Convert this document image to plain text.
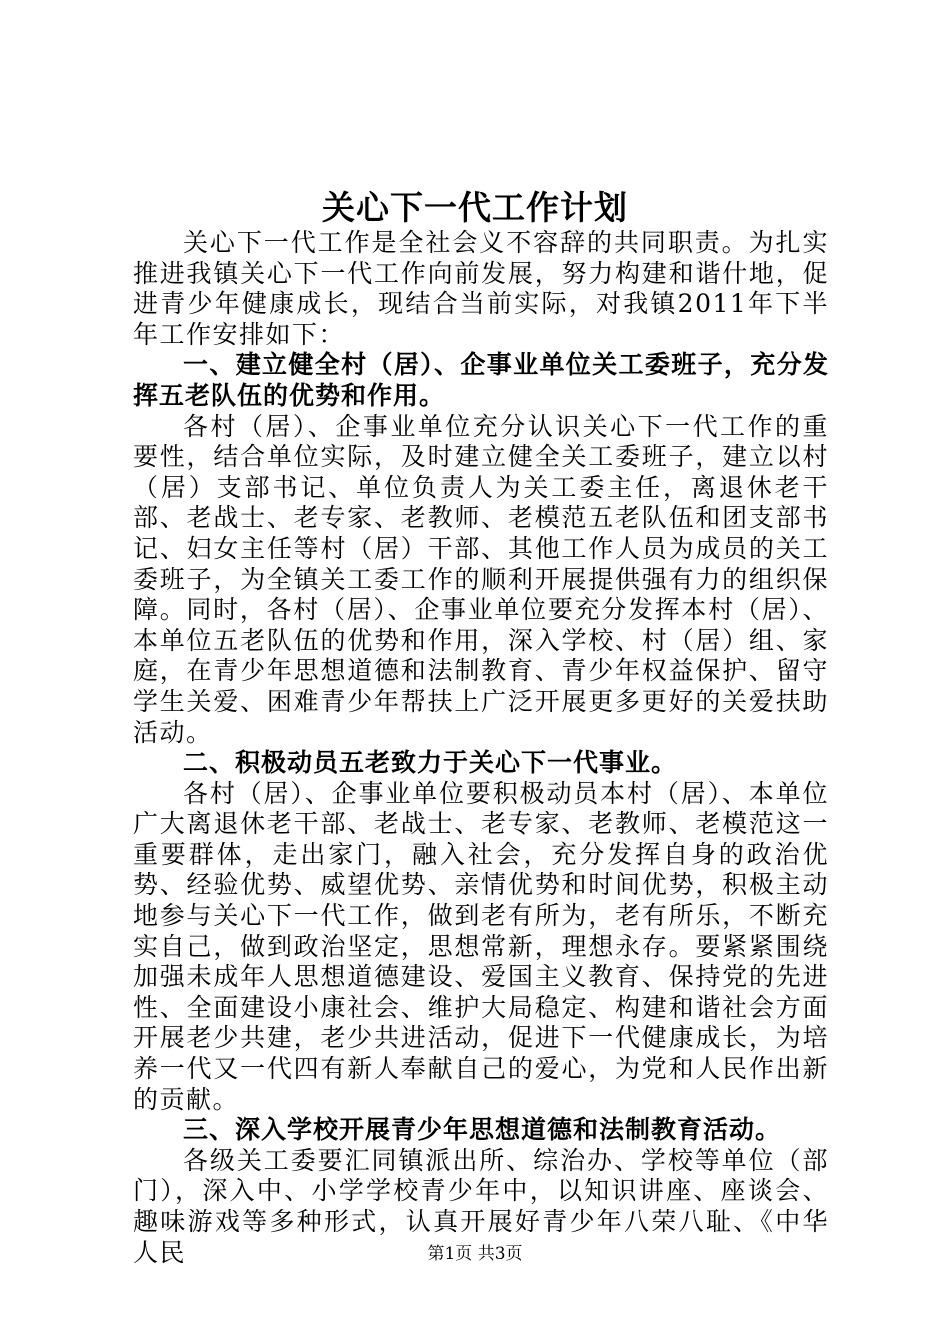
关心下一代工作计划

关心下一代工作是全社会义不容辞的共同职责。为扎实推进我镇关心下一代工作向前发展，努力构建和谐什地，促进青少年健康成长，现结合当前实际，对我镇2011年下半年工作安排如下：

一、建立健全村（居）、企事业单位关工委班子，充分发挥五老队伍的优势和作用。

各村（居）、企事业单位充分认识关心下一代工作的重要性，结合单位实际，及时建立健全关工委班子，建立以村（居）支部书记、单位负责人为关工委主任，离退休老干部、老战士、老专家、老教师、老模范五老队伍和团支部书记、妇女主任等村（居）干部、其他工作人员为成员的关工委班子，为全镇关工委工作的顺利开展提供强有力的组织保障。同时，各村（居）、企事业单位要充分发挥本村（居）、本单位五老队伍的优势和作用，深入学校、村（居）组、家庭，在青少年思想道德和法制教育、青少年权益保护、留守学生关爱、困难青少年帮扶上广泛开展更多更好的关爱扶助活动。

二、积极动员五老致力于关心下一代事业。

各村（居）、企事业单位要积极动员本村（居）、本单位广大离退休老干部、老战士、老专家、老教师、老模范这一重要群体，走出家门，融入社会，充分发挥自身的政治优势、经验优势、威望优势、亲情优势和时间优势，积极主动地参与关心下一代工作，做到老有所为，老有所乐，不断充实自己，做到政治坚定，思想常新，理想永存。要紧紧围绕加强未成年人思想道德建设、爱国主义教育、保持党的先进性、全面建设小康社会、维护大局稳定、构建和谐社会方面开展老少共建，老少共进活动，促进下一代健康成长，为培养一代又一代四有新人奉献自己的爱心，为党和人民作出新的贡献。

三、深入学校开展青少年思想道德和法制教育活动。

各级关工委要汇同镇派出所、综治办、学校等单位（部门），深入中、小学学校青少年中，以知识讲座、座谈会、趣味游戏等多种形式，认真开展好青少年八荣八耻、《中华人民	第1页 共3页
